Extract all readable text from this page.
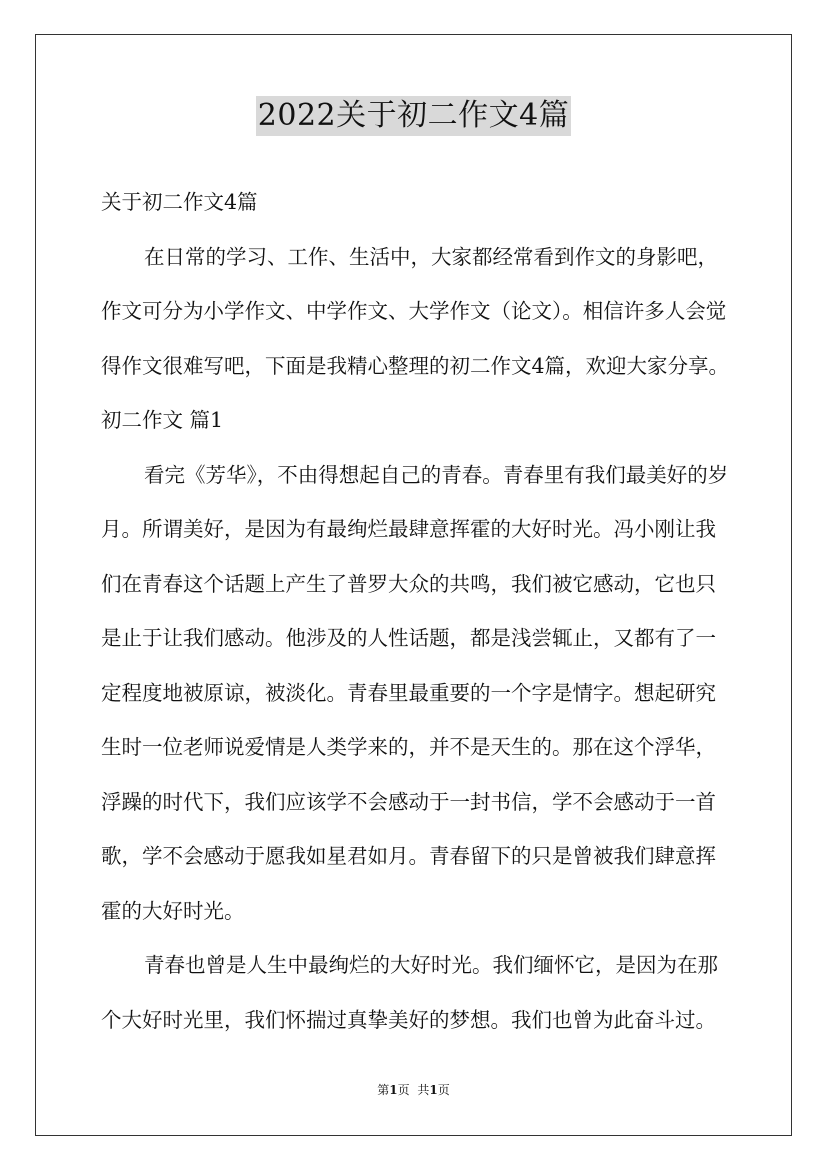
2022关于初二作文4篇
关于初二作文4篇
在日常的学习、工作、生活中，大家都经常看到作文的身影吧，
作文可分为小学作文、中学作文、大学作文（论文）。相信许多人会觉
得作文很难写吧，下面是我精心整理的初二作文4篇，欢迎大家分享。
初二作文 篇1
看完《芳华》，不由得想起自己的青春。青春里有我们最美好的岁
月。所谓美好，是因为有最绚烂最肆意挥霍的大好时光。冯小刚让我
们在青春这个话题上产生了普罗大众的共鸣，我们被它感动，它也只
是止于让我们感动。他涉及的人性话题，都是浅尝辄止，又都有了一
定程度地被原谅，被淡化。青春里最重要的一个字是情字。想起研究
生时一位老师说爱情是人类学来的，并不是天生的。那在这个浮华，
浮躁的时代下，我们应该学不会感动于一封书信，学不会感动于一首
歌，学不会感动于愿我如星君如月。青春留下的只是曾被我们肆意挥
霍的大好时光。
青春也曾是人生中最绚烂的大好时光。我们缅怀它，是因为在那
个大好时光里，我们怀揣过真挚美好的梦想。我们也曾为此奋斗过。
第1页 共1页
